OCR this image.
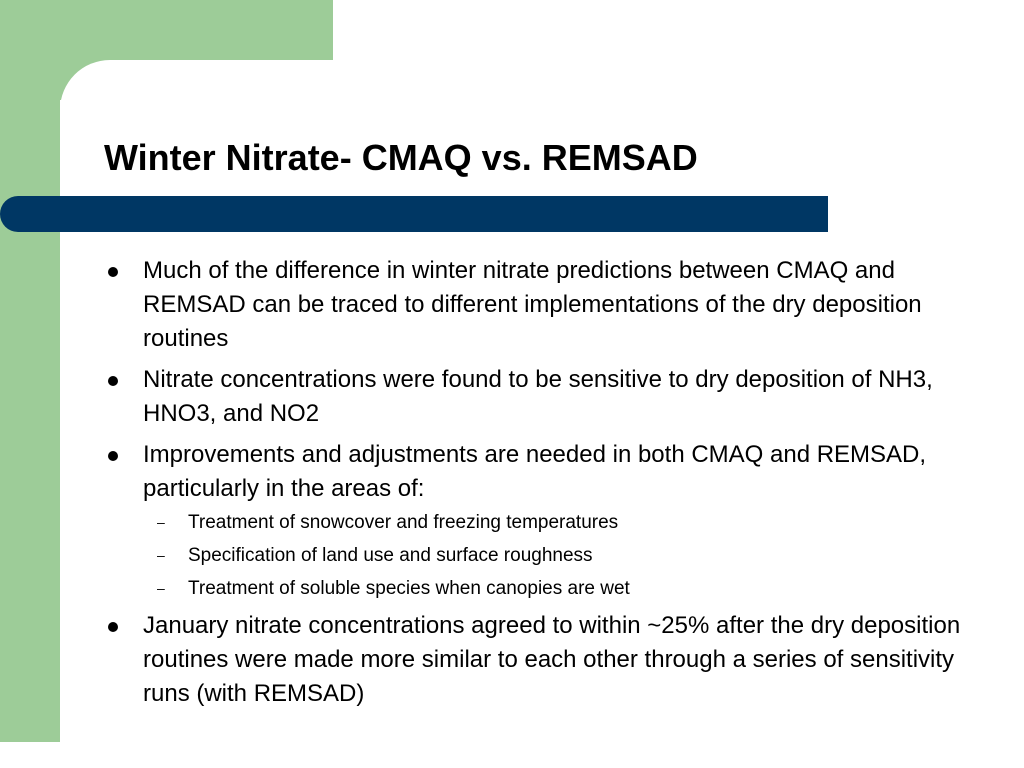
Winter Nitrate- CMAQ vs. REMSAD
Much of the difference in winter nitrate predictions between CMAQ and REMSAD can be traced to different implementations of the dry deposition routines
Nitrate concentrations were found to be sensitive to dry deposition of NH3, HNO3, and NO2
Improvements and adjustments are needed in both CMAQ and REMSAD, particularly in the areas of:
– Treatment of snowcover and freezing temperatures
– Specification of land use and surface roughness
– Treatment of soluble species when canopies are wet
January nitrate concentrations agreed to within ~25% after the dry deposition routines were made more similar to each other through a series of sensitivity runs (with REMSAD)
